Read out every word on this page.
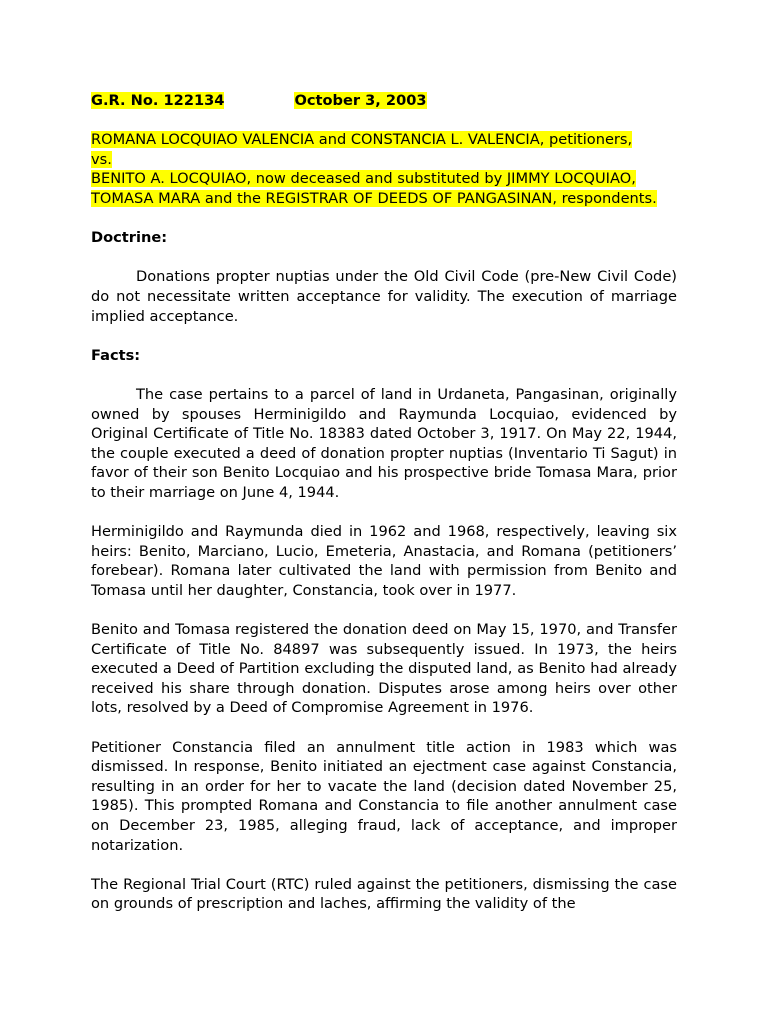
G.R. No. 122134	October 3, 2003

ROMANA LOCQUIAO VALENCIA and CONSTANCIA L. VALENCIA, petitioners,
vs.
BENITO A. LOCQUIAO, now deceased and substituted by JIMMY LOCQUIAO, TOMASA MARA and the REGISTRAR OF DEEDS OF PANGASINAN, respondents.

Doctrine:

Donations propter nuptias under the Old Civil Code (pre-New Civil Code) do not necessitate written acceptance for validity. The execution of marriage implied acceptance.

Facts:

The case pertains to a parcel of land in Urdaneta, Pangasinan, originally owned by spouses Herminigildo and Raymunda Locquiao, evidenced by Original Certificate of Title No. 18383 dated October 3, 1917. On May 22, 1944, the couple executed a deed of donation propter nuptias (Inventario Ti Sagut) in favor of their son Benito Locquiao and his prospective bride Tomasa Mara, prior to their marriage on June 4, 1944.

Herminigildo and Raymunda died in 1962 and 1968, respectively, leaving six heirs: Benito, Marciano, Lucio, Emeteria, Anastacia, and Romana (petitioners’ forebear). Romana later cultivated the land with permission from Benito and Tomasa until her daughter, Constancia, took over in 1977.

Benito and Tomasa registered the donation deed on May 15, 1970, and Transfer Certificate of Title No. 84897 was subsequently issued. In 1973, the heirs executed a Deed of Partition excluding the disputed land, as Benito had already received his share through donation. Disputes arose among heirs over other lots, resolved by a Deed of Compromise Agreement in 1976.

Petitioner Constancia filed an annulment title action in 1983 which was dismissed. In response, Benito initiated an ejectment case against Constancia, resulting in an order for her to vacate the land (decision dated November 25, 1985). This prompted Romana and Constancia to file another annulment case on December 23, 1985, alleging fraud, lack of acceptance, and improper notarization.

The Regional Trial Court (RTC) ruled against the petitioners, dismissing the case on grounds of prescription and laches, affirming the validity of the
